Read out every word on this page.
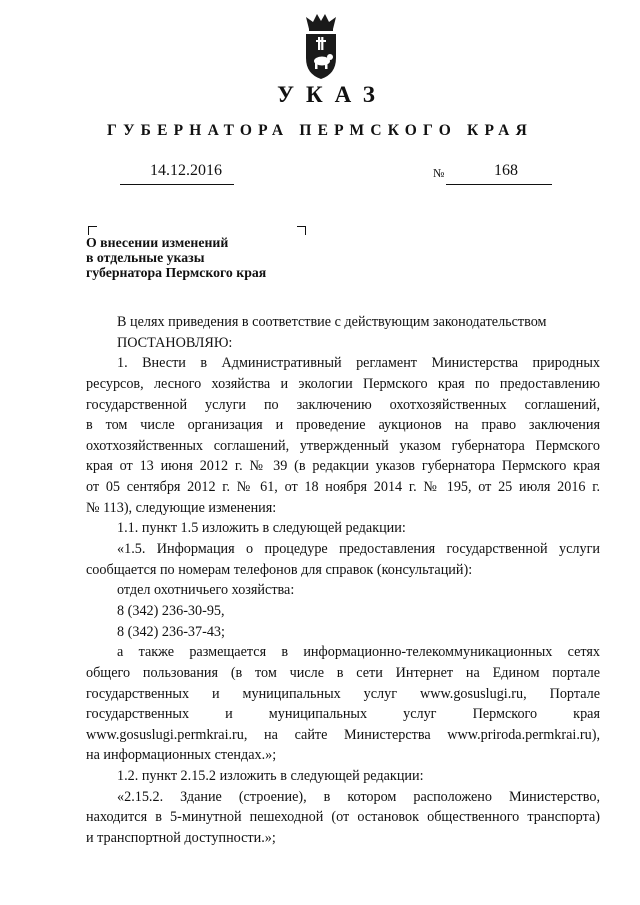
УКАЗ
ГУБЕРНАТОРА ПЕРМСКОГО КРАЯ
14.12.2016	№	168
О внесении изменений
в отдельные указы
губернатора Пермского края
В целях приведения в соответствие с действующим законодательством
ПОСТАНОВЛЯЮ:
1. Внести в Административный регламент Министерства природных
ресурсов, лесного хозяйства и экологии Пермского края по предоставлению
государственной услуги по заключению охотхозяйственных соглашений,
в том числе организация и проведение аукционов на право заключения
охотхозяйственных соглашений, утвержденный указом губернатора Пермского
края от 13 июня 2012 г. № 39 (в редакции указов губернатора Пермского края
от 05 сентября 2012 г. № 61, от 18 ноября 2014 г. № 195, от 25 июля 2016 г.
№ 113), следующие изменения:
1.1. пункт 1.5 изложить в следующей редакции:
«1.5. Информация о процедуре предоставления государственной услуги
сообщается по номерам телефонов для справок (консультаций):
отдел охотничьего хозяйства:
8 (342) 236-30-95,
8 (342) 236-37-43;
а также размещается в информационно-телекоммуникационных сетях
общего пользования (в том числе в сети Интернет на Едином портале
государственных и муниципальных услуг www.gosuslugi.ru, Портале
государственных и муниципальных услуг Пермского края
www.gosuslugi.permkrai.ru, на сайте Министерства www.priroda.permkrai.ru),
на информационных стендах.»;
1.2. пункт 2.15.2 изложить в следующей редакции:
«2.15.2. Здание (строение), в котором расположено Министерство,
находится в 5-минутной пешеходной (от остановок общественного транспорта)
и транспортной доступности.»;
